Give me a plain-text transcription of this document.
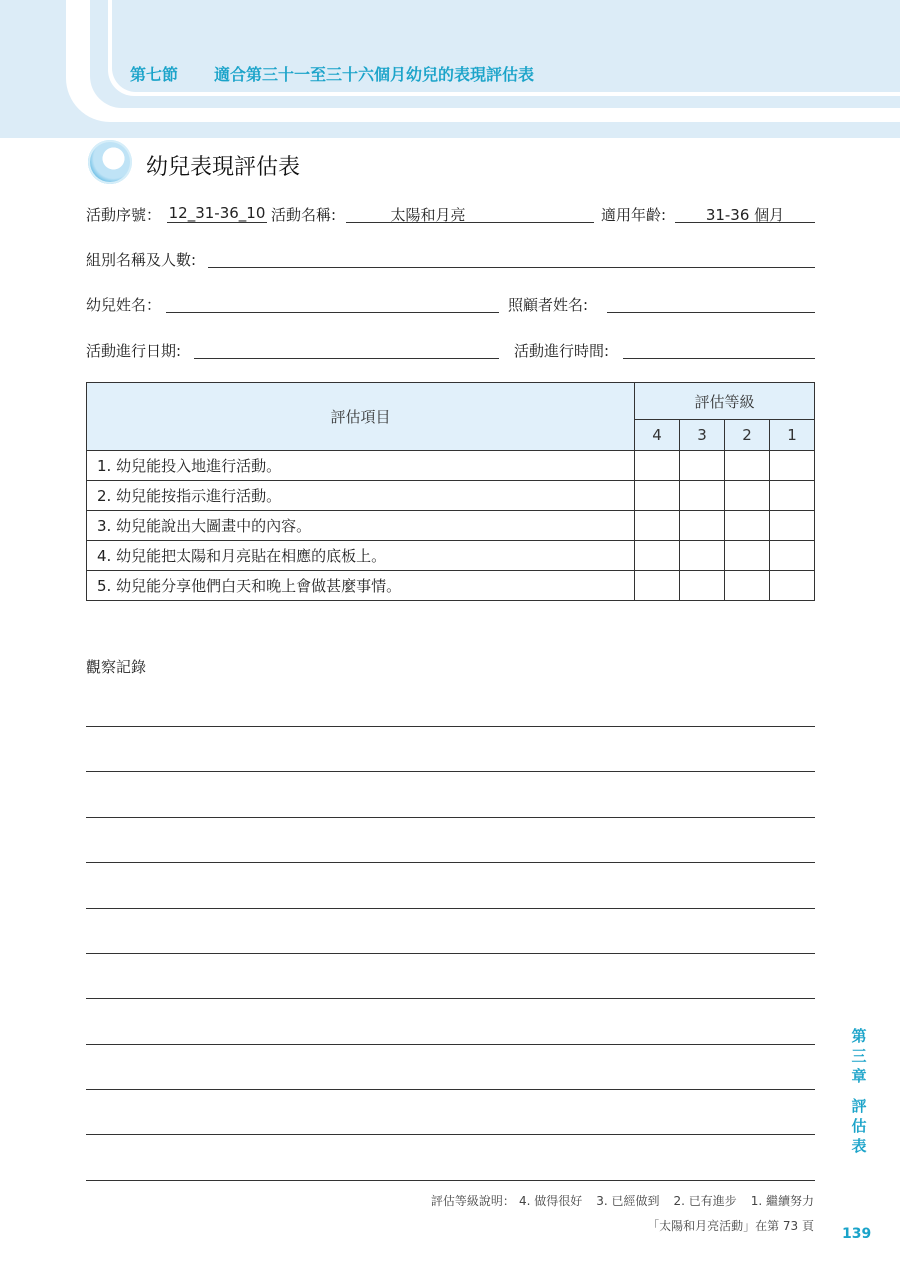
第七節 適合第三十一至三十六個月幼兒的表現評估表
幼兒表現評估表
活動序號： 12_31-36_10 活動名稱:	太陽和月亮	適用年齡:	31-36 個月
組別名稱及人數:
幼兒姓名：	照顧者姓名:
活動進行日期:	活動進行時間:
評估項目	評估等級			
	4	3	2	1
1. 幼兒能投入地進行活動。				
2. 幼兒能按指示進行活動。				
3. 幼兒能說出大圖畫中的內容。				
4. 幼兒能把太陽和月亮貼在相應的底板上。				
5. 幼兒能分享他們白天和晚上會做甚麼事情。				
觀察記錄
第
三
章
評
估
表
評估等級說明： 4. 做得很好 3. 已經做到 2. 已有進步 1. 繼續努力
「太陽和月亮活動」在第 73 頁 139
